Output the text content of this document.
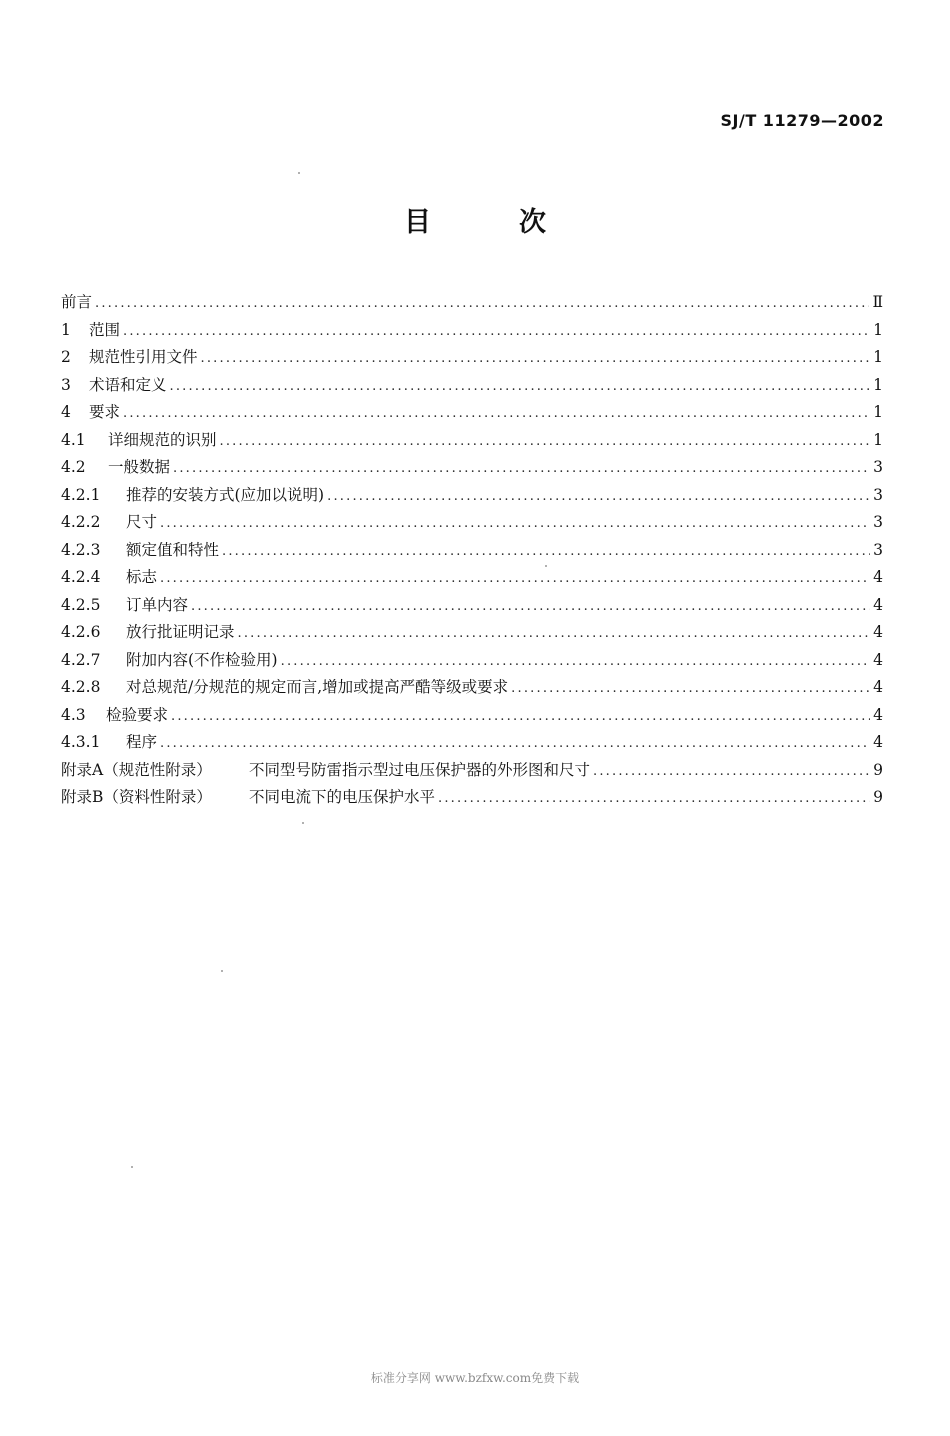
SJ/T 11279—2002
目	次
前言 .....	Ⅱ
1	范围 .....	1
2	规范性引用文件 .....	1
3	术语和定义 .....	1
4	要求 .....	1
4.1	详细规范的识别 .....	1
4.2	一般数据 .....	3
4.2.1	推荐的安装方式(应加以说明) .....	3
4.2.2	尺寸 .....	3
4.2.3	额定值和特性 .....	3
4.2.4	标志 .....	4
4.2.5	订单内容 .....	4
4.2.6	放行批证明记录 .....	4
4.2.7	附加内容(不作检验用) .....	4
4.2.8	对总规范/分规范的规定而言,增加或提高严酷等级或要求 .....	4
4.3	检验要求 .....	4
4.3.1	程序 .....	4
附录A（规范性附录）	不同型号防雷指示型过电压保护器的外形图和尺寸 .....	9
附录B（资料性附录）	不同电流下的电压保护水平 .....	9
标准分享网 www.bzfxw.com免费下载
